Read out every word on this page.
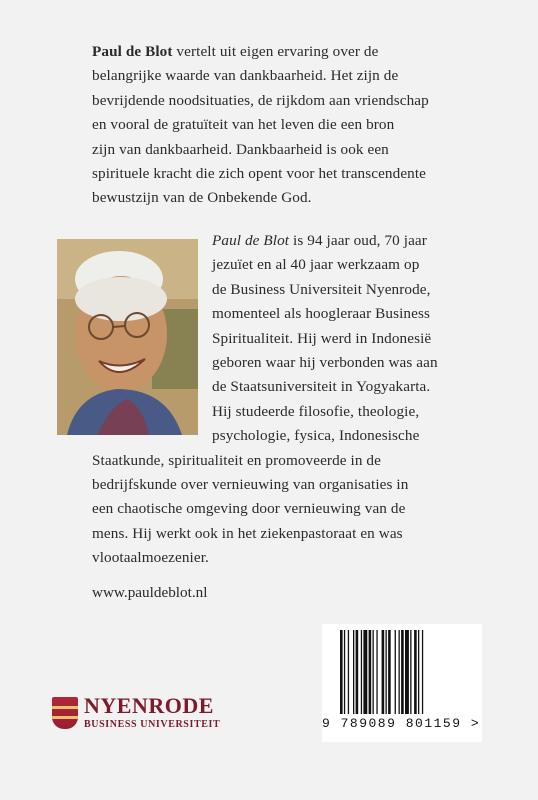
Paul de Blot vertelt uit eigen ervaring over de
belangrijke waarde van dankbaarheid. Het zijn de
bevrijdende noodsituaties, de rijkdom aan vriendschap
en vooral de gratuïteit van het leven die een bron
zijn van dankbaarheid. Dankbaarheid is ook een
spirituele kracht die zich opent voor het transcendente
bewustzijn van de Onbekende God.
Paul de Blot is 94 jaar oud, 70 jaar
jezuïet en al 40 jaar werkzaam op
de Business Universiteit Nyenrode,
momenteel als hoogleraar Business
Spiritualiteit. Hij werd in Indonesië
geboren waar hij verbonden was aan
de Staatsuniversiteit in Yogyakarta.
Hij studeerde filosofie, theologie,
psychologie, fysica, Indonesische
Staatkunde, spiritualiteit en promoveerde in de
bedrijfskunde over vernieuwing van organisaties in
een chaotische omgeving door vernieuwing van de
mens. Hij werkt ook in het ziekenpastoraat en was
vlootaalmoezenier.
www.pauldeblot.nl
NYENRODE
BUSINESS UNIVERSITEIT	9 789089 801159 >
